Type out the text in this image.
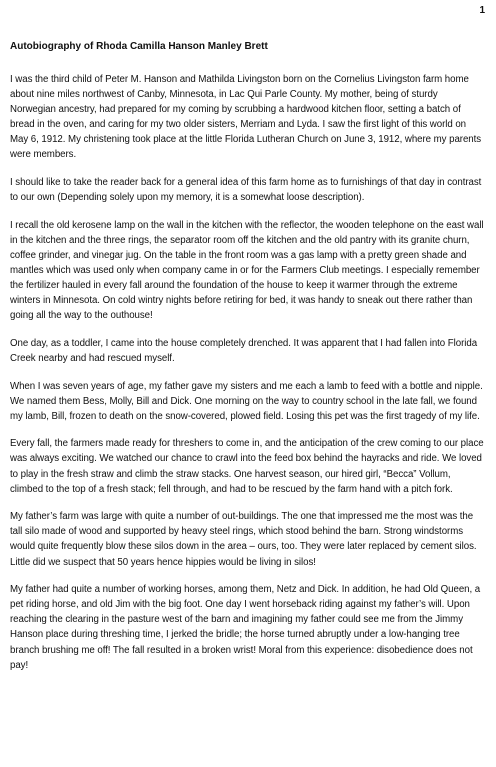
1
Autobiography of Rhoda Camilla Hanson Manley Brett

I was the third child of Peter M. Hanson and Mathilda Livingston born on the Cornelius Livingston farm home about nine miles northwest of Canby, Minnesota, in Lac Qui Parle County. My mother, being of sturdy Norwegian ancestry, had prepared for my coming by scrubbing a hardwood kitchen floor, setting a batch of bread in the oven, and caring for my two older sisters, Merriam and Lyda. I saw the first light of this world on May 6, 1912. My christening took place at the little Florida Lutheran Church on June 3, 1912, where my parents were members.

I should like to take the reader back for a general idea of this farm home as to furnishings of that day in contrast to our own (Depending solely upon my memory, it is a somewhat loose description).

I recall the old kerosene lamp on the wall in the kitchen with the reflector, the wooden telephone on the east wall in the kitchen and the three rings, the separator room off the kitchen and the old pantry with its granite churn, coffee grinder, and vinegar jug. On the table in the front room was a gas lamp with a pretty green shade and mantles which was used only when company came in or for the Farmers Club meetings. I especially remember the fertilizer hauled in every fall around the foundation of the house to keep it warmer through the extreme winters in Minnesota. On cold wintry nights before retiring for bed, it was handy to sneak out there rather than going all the way to the outhouse!

One day, as a toddler, I came into the house completely drenched. It was apparent that I had fallen into Florida Creek nearby and had rescued myself.

When I was seven years of age, my father gave my sisters and me each a lamb to feed with a bottle and nipple. We named them Bess, Molly, Bill and Dick. One morning on the way to country school in the late fall, we found my lamb, Bill, frozen to death on the snow-covered, plowed field. Losing this pet was the first tragedy of my life.

Every fall, the farmers made ready for threshers to come in, and the anticipation of the crew coming to our place was always exciting. We watched our chance to crawl into the feed box behind the hayracks and ride. We loved to play in the fresh straw and climb the straw stacks. One harvest season, our hired girl, “Becca” Vollum, climbed to the top of a fresh stack; fell through, and had to be rescued by the farm hand with a pitch fork.

My father’s farm was large with quite a number of out-buildings. The one that impressed me the most was the tall silo made of wood and supported by heavy steel rings, which stood behind the barn. Strong windstorms would quite frequently blow these silos down in the area – ours, too. They were later replaced by cement silos. Little did we suspect that 50 years hence hippies would be living in silos!

My father had quite a number of working horses, among them, Netz and Dick. In addition, he had Old Queen, a pet riding horse, and old Jim with the big foot. One day I went horseback riding against my father’s will. Upon reaching the clearing in the pasture west of the barn and imagining my father could see me from the Jimmy Hanson place during threshing time, I jerked the bridle; the horse turned abruptly under a low-hanging tree branch brushing me off! The fall resulted in a broken wrist! Moral from this experience: disobedience does not pay!
